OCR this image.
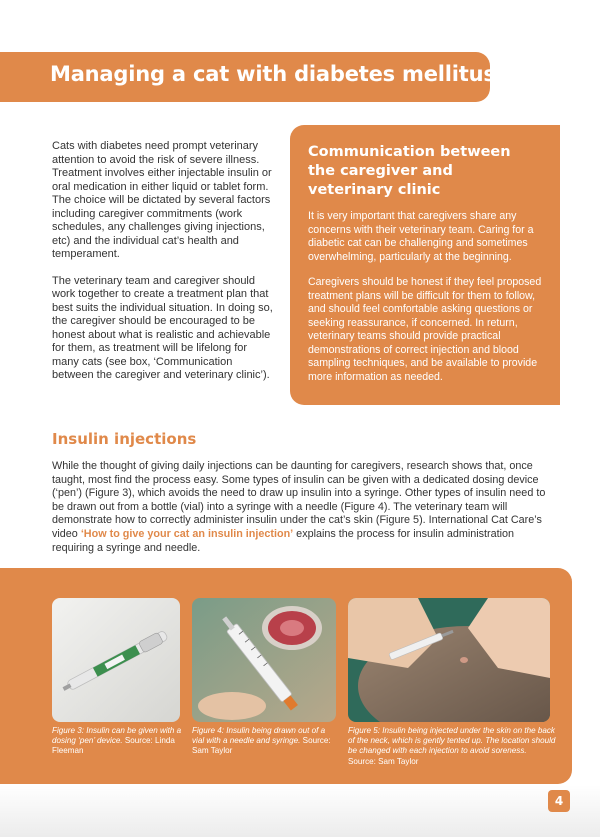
Managing a cat with diabetes mellitus

Cats with diabetes need prompt veterinary attention to avoid the risk of severe illness. Treatment involves either injectable insulin or oral medication in either liquid or tablet form. The choice will be dictated by several factors including caregiver commitments (work schedules, any challenges giving injections, etc) and the individual cat’s health and temperament.

The veterinary team and caregiver should work together to create a treatment plan that best suits the individual situation. In doing so, the caregiver should be encouraged to be honest about what is realistic and achievable for them, as treatment will be lifelong for many cats (see box, ‘Communication between the caregiver and veterinary clinic’).

Communication between the caregiver and veterinary clinic

It is very important that caregivers share any concerns with their veterinary team. Caring for a diabetic cat can be challenging and sometimes overwhelming, particularly at the beginning.

Caregivers should be honest if they feel proposed treatment plans will be difficult for them to follow, and should feel comfortable asking questions or seeking reassurance, if concerned. In return, veterinary teams should provide practical demonstrations of correct injection and blood sampling techniques, and be available to provide more information as needed.

Insulin injections

While the thought of giving daily injections can be daunting for caregivers, research shows that, once taught, most find the process easy. Some types of insulin can be given with a dedicated dosing device (‘pen’) (Figure 3), which avoids the need to draw up insulin into a syringe. Other types of insulin need to be drawn out from a bottle (vial) into a syringe with a needle (Figure 4). The veterinary team will demonstrate how to correctly administer insulin under the cat’s skin (Figure 5). International Cat Care’s video ‘How to give your cat an insulin injection’ explains the process for insulin administration requiring a syringe and needle.

Figure 3: Insulin can be given with a dosing ‘pen’ device. Source: Linda Fleeman
Figure 4: Insulin being drawn out of a vial with a needle and syringe. Source: Sam Taylor
Figure 5: Insulin being injected under the skin on the back of the neck, which is gently tented up. The location should be changed with each injection to avoid soreness. Source: Sam Taylor
4
